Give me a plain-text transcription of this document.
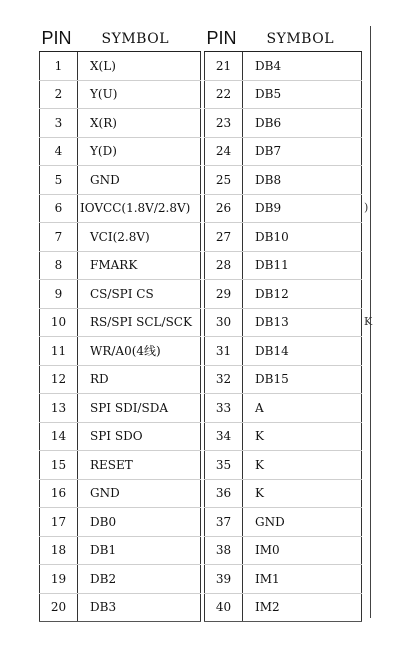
PIN	SYMBOL
1	X(L)
2	Y(U)
3	X(R)
4	Y(D)
5	GND
6	IOVCC(1.8V/2.8V)
7	VCI(2.8V)
8	FMARK
9	CS/SPI CS
10	RS/SPI SCL/SCK
11	WR/A0(4线)
12	RD
13	SPI SDI/SDA
14	SPI SDO
15	RESET
16	GND
17	DB0
18	DB1
19	DB2
20	DB3
PIN	SYMBOL
21	DB4
22	DB5
23	DB6
24	DB7
25	DB8
26	DB9
27	DB10
28	DB11
29	DB12
30	DB13
31	DB14
32	DB15
33	A
34	K
35	K
36	K
37	GND
38	IM0
39	IM1
40	IM2
)
K
